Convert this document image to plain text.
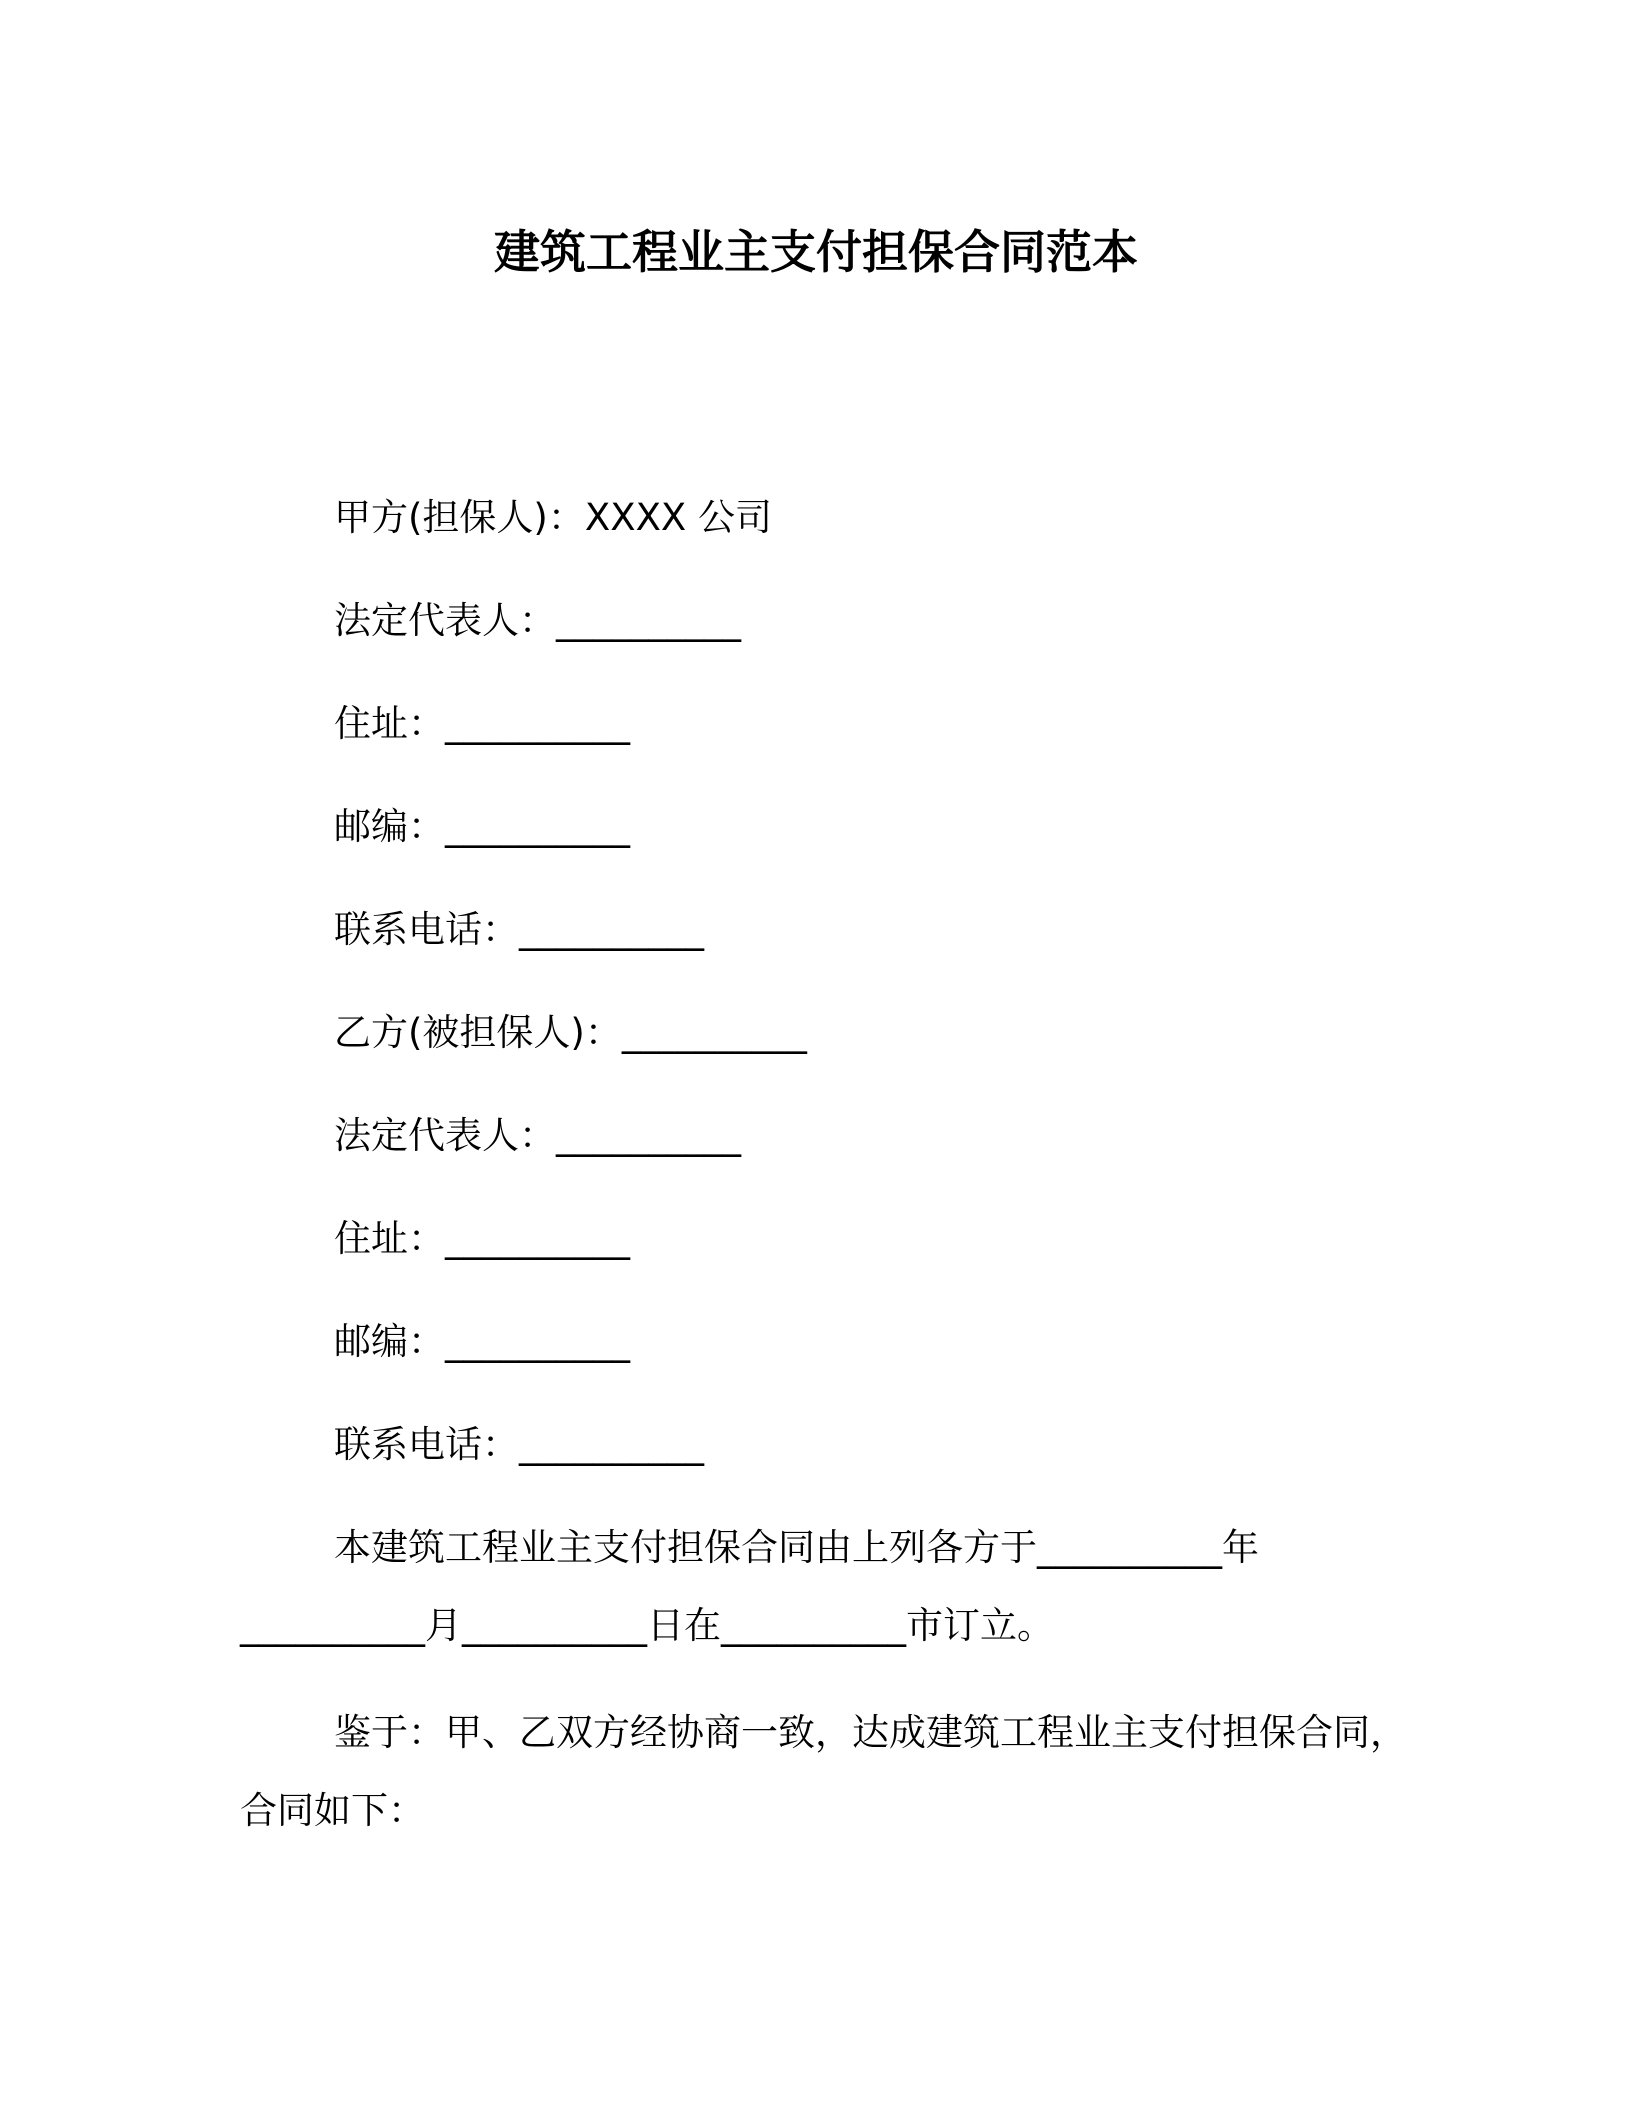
建筑工程业主支付担保合同范本
甲方(担保人)：XXXX 公司
法定代表人：__________
住址：__________
邮编：__________
联系电话：__________
乙方(被担保人)：__________
法定代表人：__________
住址：__________
邮编：__________
联系电话：__________
本建筑工程业主支付担保合同由上列各方于__________年
__________月__________日在__________市订立。
鉴于：甲、乙双方经协商一致，达成建筑工程业主支付担保合同，
合同如下：
